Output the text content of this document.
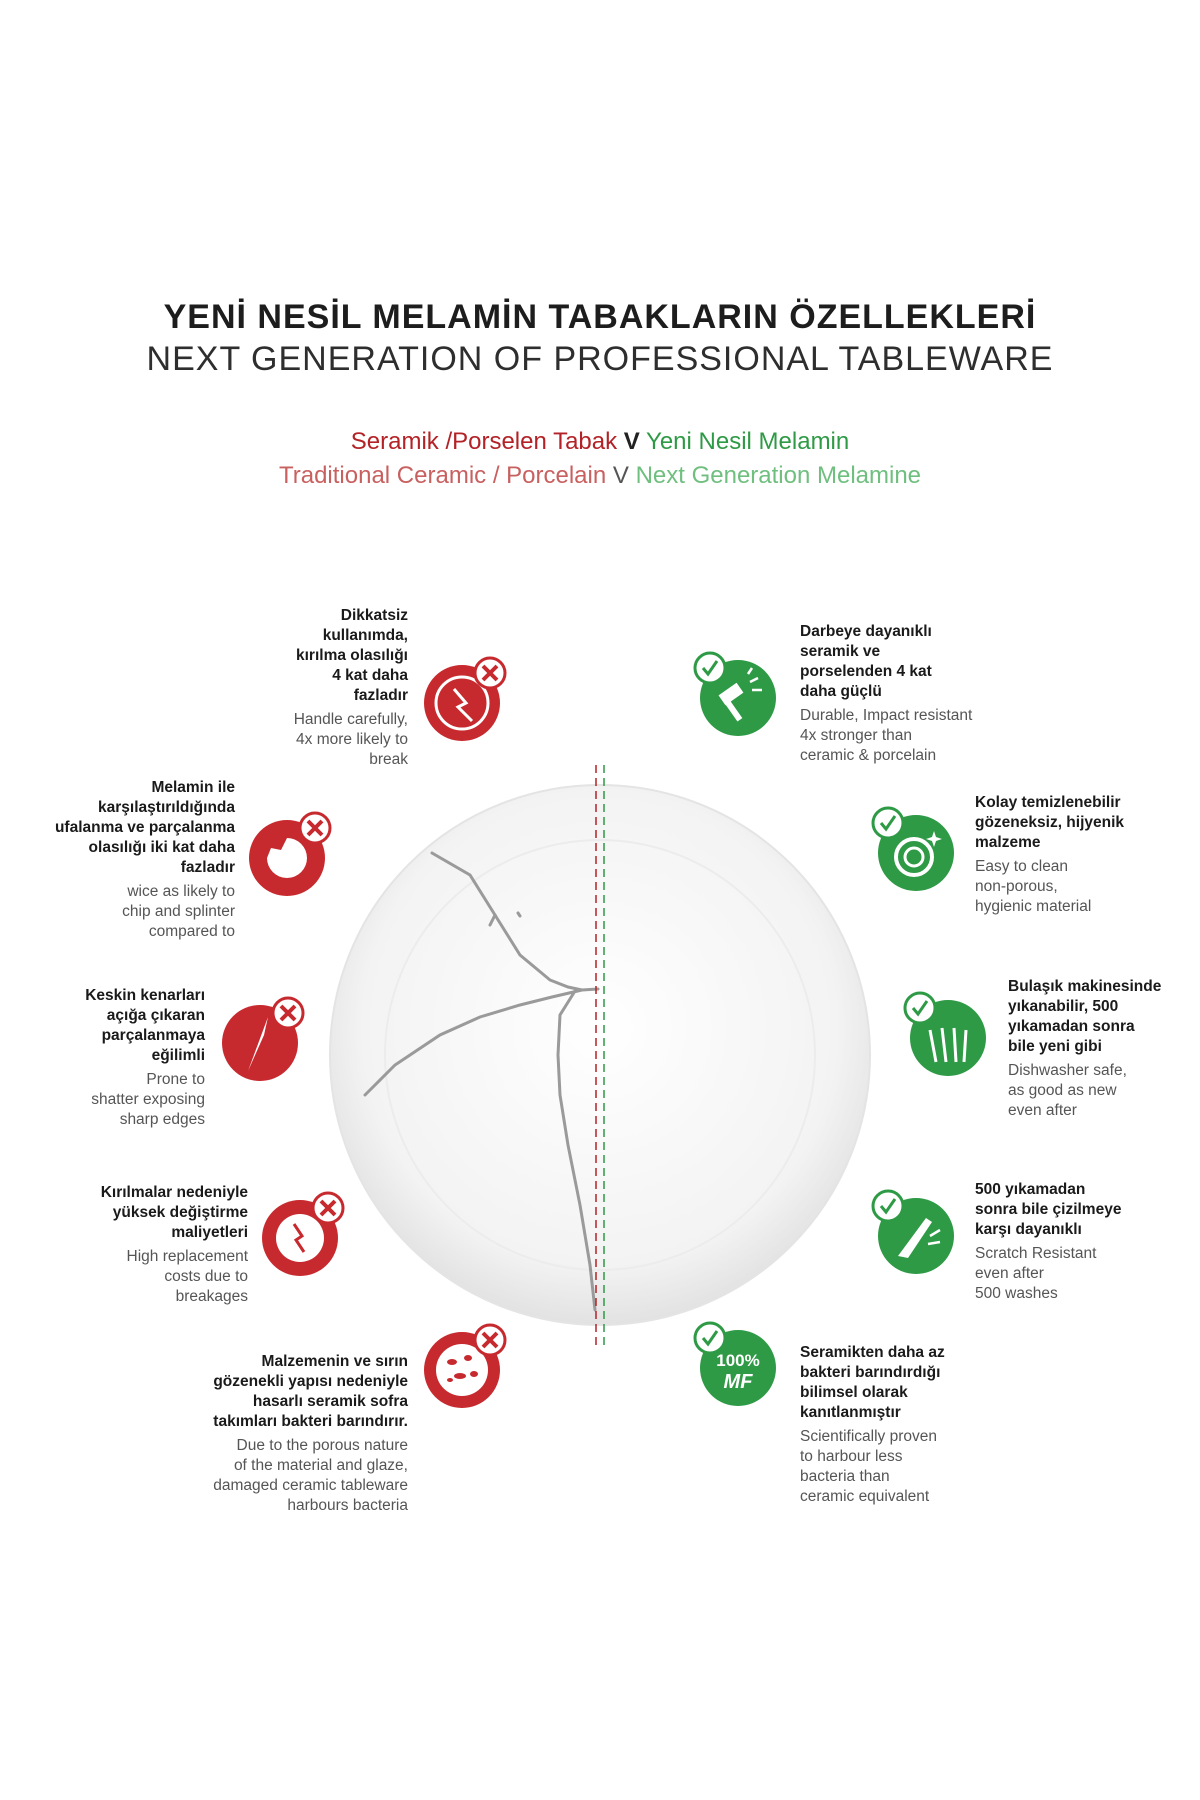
YENİ NESİL MELAMİN TABAKLARIN ÖZELLEKLERİ
NEXT GENERATION OF PROFESSIONAL TABLEWARE
Seramik /Porselen Tabak V Yeni Nesil Melamin
Traditional Ceramic / Porcelain V Next Generation Melamine
Dikkatsiz
kullanımda,
kırılma olasılığı
4 kat daha
fazladır
Handle carefully,
4x more likely to
break
Melamin ile
karşılaştırıldığında
ufalanma ve parçalanma
olasılığı iki kat daha
fazladır
wice as likely to
chip and splinter
compared to
Keskin kenarları
açığa çıkaran
parçalanmaya
eğilimli
Prone to
shatter exposing
sharp edges
Kırılmalar nedeniyle
yüksek değiştirme
maliyetleri
High replacement
costs due to
breakages
Malzemenin ve sırın
gözenekli yapısı nedeniyle
hasarlı seramik sofra
takımları bakteri barındırır.
Due to the porous nature
of the material and glaze,
damaged ceramic tableware
harbours bacteria
Darbeye dayanıklı
seramik ve
porselenden 4 kat
daha güçlü
Durable, Impact resistant
4x stronger than
ceramic & porcelain
Kolay temizlenebilir
gözeneksiz, hijyenik
malzeme
Easy to clean
non-porous,
hygienic material
Bulaşık makinesinde
yıkanabilir, 500
yıkamadan sonra
bile yeni gibi
Dishwasher safe,
as good as new
even after
500 yıkamadan
sonra bile çizilmeye
karşı dayanıklı
Scratch Resistant
even after
500 washes
100%
MF
Seramikten daha az
bakteri barındırdığı
bilimsel olarak
kanıtlanmıştır
Scientifically proven
to harbour less
bacteria than
ceramic equivalent
